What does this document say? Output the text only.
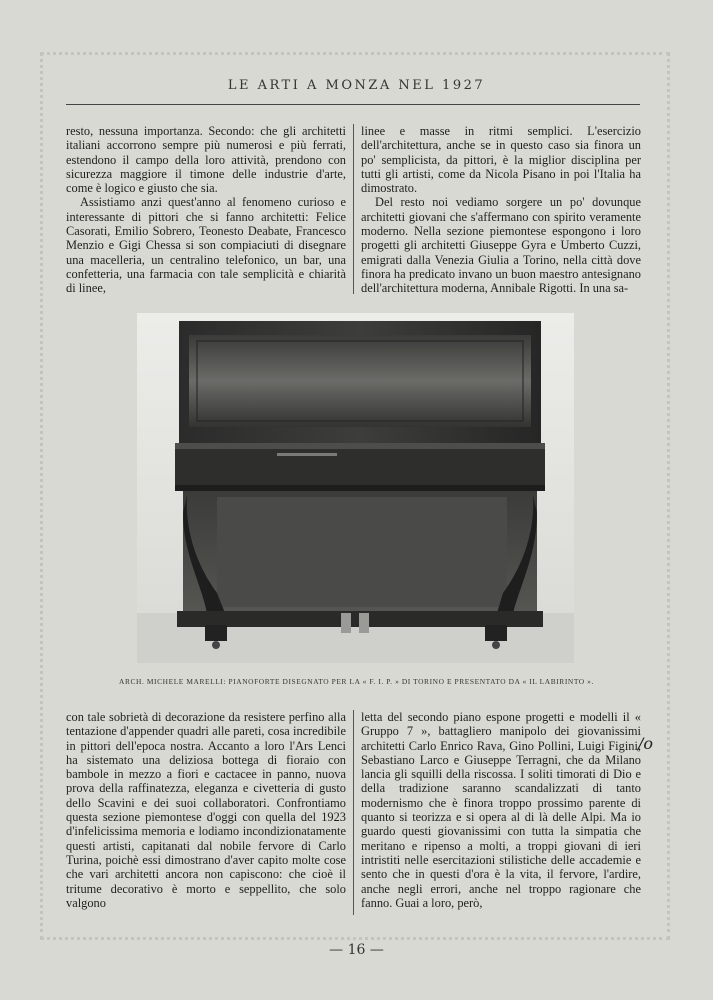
LE ARTI A MONZA NEL 1927

resto, nessuna importanza. Secondo: che gli architetti italiani accorrono sempre più numerosi e più ferrati, estendono il campo della loro attività, prendono con sicurezza maggiore il timone delle industrie d'arte, come è logico e giusto che sia.

Assistiamo anzi quest'anno al fenomeno curioso e interessante di pittori che si fanno architetti: Felice Casorati, Emilio Sobrero, Teonesto Deabate, Francesco Menzio e Gigi Chessa si son compiaciuti di disegnare una macelleria, un centralino telefonico, un bar, una confetteria, una farmacia con tale semplicità e chiarità di linee,

linee e masse in ritmi semplici. L'esercizio dell'architettura, anche se in questo caso sia finora un po' semplicista, da pittori, è la miglior disciplina per tutti gli artisti, come da Nicola Pisano in poi l'Italia ha dimostrato.

Del resto noi vediamo sorgere un po' dovunque architetti giovani che s'affermano con spirito veramente moderno. Nella sezione piemontese espongono i loro progetti gli architetti Giuseppe Gyra e Umberto Cuzzi, emigrati dalla Venezia Giulia a Torino, nella città dove finora ha predicato invano un buon maestro antesignano dell'architettura moderna, Annibale Rigotti. In una sa-

ARCH. MICHELE MARELLI: PIANOFORTE DISEGNATO PER LA « F. I. P. » DI TORINO E PRESENTATO DA « IL LABIRINTO ».

con tale sobrietà di decorazione da resistere perfino alla tentazione d'appender quadri alle pareti, cosa incredibile in pittori dell'epoca nostra. Accanto a loro l'Ars Lenci ha sistemato una deliziosa bottega di fioraio con bambole in mezzo a fiori e cactacee in panno, nuova prova della raffinatezza, eleganza e civetteria di gusto dello Scavini e dei suoi collaboratori. Confrontiamo questa sezione piemontese d'oggi con quella del 1923 d'infelicissima memoria e lodiamo incondizionatamente questi artisti, capitanati dal nobile fervore di Carlo Turina, poichè essi dimostrano d'aver capito molte cose che vari architetti ancora non capiscono: che cioè il tritume decorativo è morto e seppellito, che solo valgono

letta del secondo piano espone progetti e modelli il « Gruppo 7 », battagliero manipolo dei giovanissimi architetti Carlo Enrico Rava, Gino Pollini, Luigi Figini, Sebastiano Larco e Giuseppe Terragni, che da Milano lancia gli squilli della riscossa. I soliti timorati di Dio e della tradizione saranno scandalizzati di tanto modernismo che è finora troppo prossimo parente di quanto si teorizza e si opera al di là delle Alpi. Ma io guardo questi giovanissimi con tutta la simpatia che meritano e ripenso a molti, a troppi giovani di ieri intristiti nelle esercitazioni stilistiche delle accademie e sento che in questi d'ora è la vita, il fervore, l'ardire, anche negli errori, anche nel troppo ragionare che fanno. Guai a loro, però,

/o
— 16 —
